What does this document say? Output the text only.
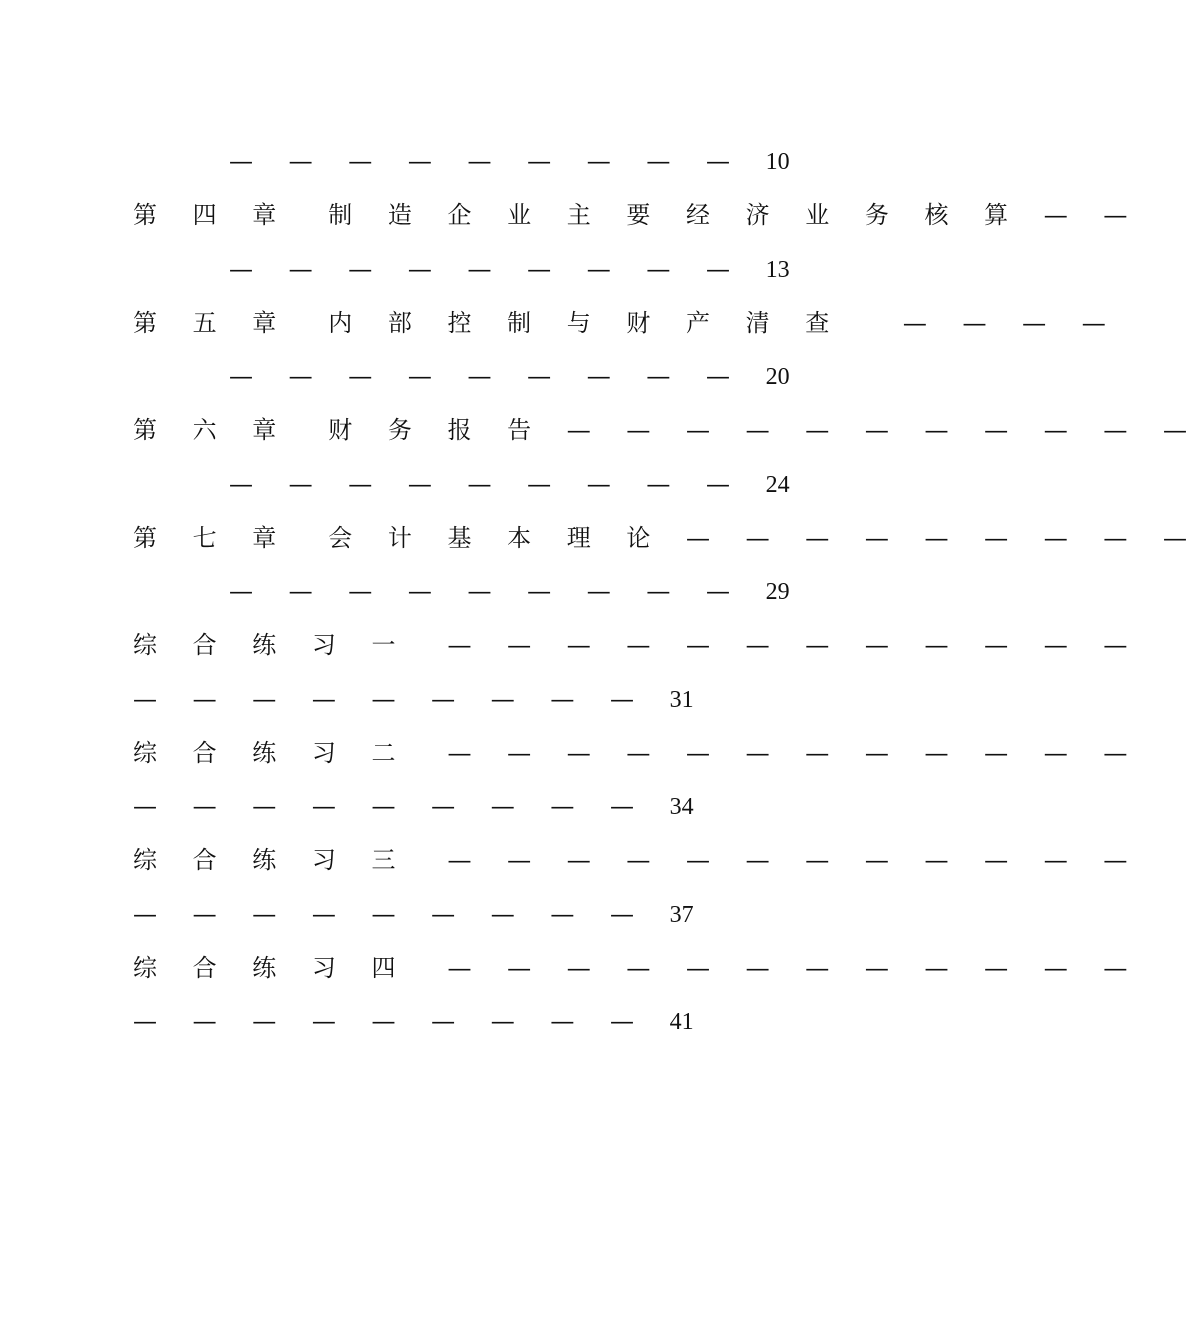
— — — — — — — — — 10
第 四 章　制 造 企 业 主 要 经 济 业 务 核 算 — —
— — — — — — — — — 13
第 五 章　内 部 控 制 与 财 产 清 查　 — — — —
— — — — — — — — — 20
第 六 章　财 务 报 告 — — — — — — — — — — —
— — — — — — — — — 24
第 七 章　会 计 基 本 理 论 — — — — — — — — —
— — — — — — — — — 29
综 合 练 习 一　— — — — — — — — — — — —
— — — — — — — — — 31
综 合 练 习 二　— — — — — — — — — — — —
— — — — — — — — — 34
综 合 练 习 三　— — — — — — — — — — — —
— — — — — — — — — 37
综 合 练 习 四　— — — — — — — — — — — —
— — — — — — — — — 41
